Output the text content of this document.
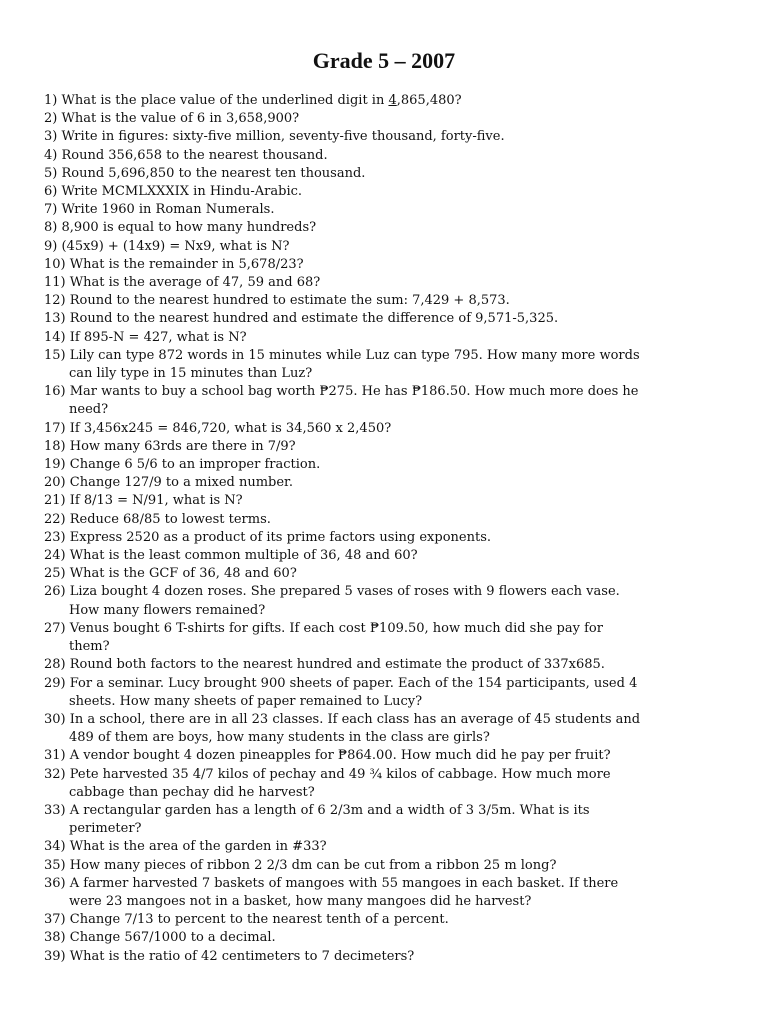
Grade 5 – 2007
1) What is the place value of the underlined digit in 4,865,480?
2) What is the value of 6 in 3,658,900?
3) Write in figures: sixty-five million, seventy-five thousand, forty-five.
4) Round 356,658 to the nearest thousand.
5) Round 5,696,850 to the nearest ten thousand.
6) Write MCMLXXXIX in Hindu-Arabic.
7) Write 1960 in Roman Numerals.
8) 8,900 is equal to how many hundreds?
9) (45x9) + (14x9) = Nx9, what is N?
10) What is the remainder in 5,678/23?
11) What is the average of 47, 59 and 68?
12) Round to the nearest hundred to estimate the sum: 7,429 + 8,573.
13) Round to the nearest hundred and estimate the difference of 9,571-5,325.
14) If 895-N = 427, what is N?
15) Lily can type 872 words in 15 minutes while Luz can type 795. How many more words
can lily type in 15 minutes than Luz?
16) Mar wants to buy a school bag worth ₱275. He has ₱186.50. How much more does he
need?
17) If 3,456x245 = 846,720, what is 34,560 x 2,450?
18) How many 63rds are there in 7/9?
19) Change 6 5/6 to an improper fraction.
20) Change 127/9 to a mixed number.
21) If 8/13 = N/91, what is N?
22) Reduce 68/85 to lowest terms.
23) Express 2520 as a product of its prime factors using exponents.
24) What is the least common multiple of 36, 48 and 60?
25) What is the GCF of 36, 48 and 60?
26) Liza bought 4 dozen roses. She prepared 5 vases of roses with 9 flowers each vase.
How many flowers remained?
27) Venus bought 6 T-shirts for gifts. If each cost ₱109.50, how much did she pay for
them?
28) Round both factors to the nearest hundred and estimate the product of 337x685.
29) For a seminar. Lucy brought 900 sheets of paper. Each of the 154 participants, used 4
sheets. How many sheets of paper remained to Lucy?
30) In a school, there are in all 23 classes. If each class has an average of 45 students and
489 of them are boys, how many students in the class are girls?
31) A vendor bought 4 dozen pineapples for ₱864.00. How much did he pay per fruit?
32) Pete harvested 35 4/7 kilos of pechay and 49 ¾ kilos of cabbage. How much more
cabbage than pechay did he harvest?
33) A rectangular garden has a length of 6 2/3m and a width of 3 3/5m. What is its
perimeter?
34) What is the area of the garden in #33?
35) How many pieces of ribbon 2 2/3 dm can be cut from a ribbon 25 m long?
36) A farmer harvested 7 baskets of mangoes with 55 mangoes in each basket. If there
were 23 mangoes not in a basket, how many mangoes did he harvest?
37) Change 7/13 to percent to the nearest tenth of a percent.
38) Change 567/1000 to a decimal.
39) What is the ratio of 42 centimeters to 7 decimeters?
